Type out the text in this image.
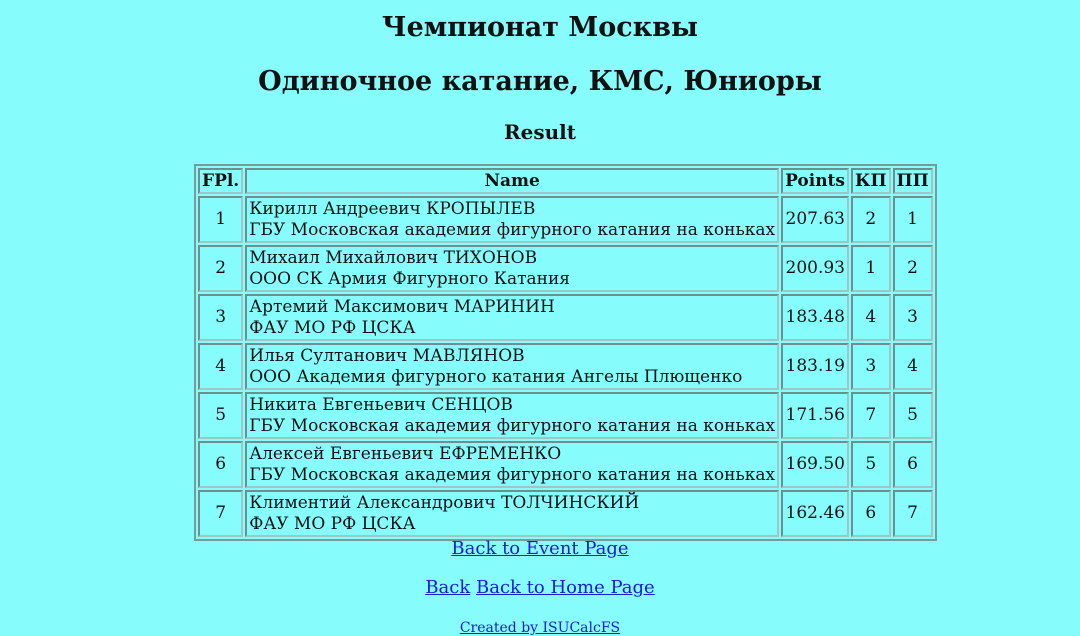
Чемпионат Москвы
Одиночное катание, КМС, Юниоры
Result
FPl.	Name	Points	КП	ПП
1	Кирилл Андреевич КРОПЫЛЕВ
ГБУ Московская академия фигурного катания на коньках	207.63	2	1
2	Михаил Михайлович ТИХОНОВ
ООО СК Армия Фигурного Катания	200.93	1	2
3	Артемий Максимович МАРИНИН
ФАУ МО РФ ЦСКА	183.48	4	3
4	Илья Султанович МАВЛЯНОВ
ООО Академия фигурного катания Ангелы Плющенко	183.19	3	4
5	Никита Евгеньевич СЕНЦОВ
ГБУ Московская академия фигурного катания на коньках	171.56	7	5
6	Алексей Евгеньевич ЕФРЕМЕНКО
ГБУ Московская академия фигурного катания на коньках	169.50	5	6
7	Климентий Александрович ТОЛЧИНСКИЙ
ФАУ МО РФ ЦСКА	162.46	6	7
Back to Event Page
Back Back to Home Page
Created by ISUCalcFS
